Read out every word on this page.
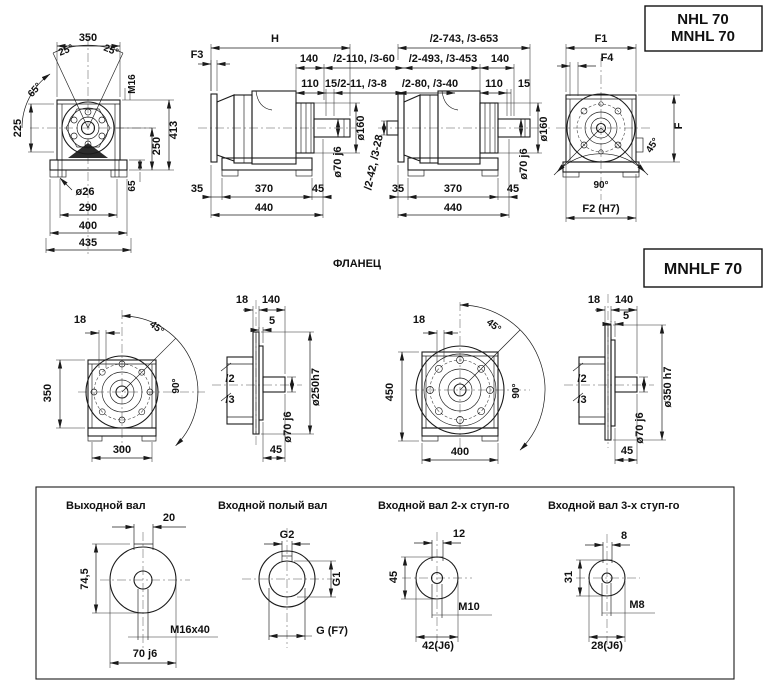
NHL 70
MNHL 70
350
25°	25°
65°	M16
225	413
250
65
ø26
290
400
435
H
F3	140 /2-110, /3-60
110 15 /2-11, /3-8
ø160
ø70 j6
35	370	45
440
/2-743, /3-653
/2-493, /3-453 140
/2-80, /3-40 110 15
/2-42, /3-28
ø160
ø70 j6
35	370	45
440
F1
F4
F
45°
90°
F2 (H7)
ФЛАНЕЦ	MNHLF 70
18	45°
350	90°
300
18 140
5
/2
/3	ø250h7
ø70 j6
45
18	45°
450	90°
400
18 140
5
/2
/3	ø350 h7
ø70 j6
45
Выходной вал
20
74,5
M16x40
70 j6
Входной полый вал
G2
G1
G (F7)
Входной вал 2-х ступ-го
12
45
M10
42(J6)
Входной вал 3-х ступ-го
8
31
M8
28(J6)
